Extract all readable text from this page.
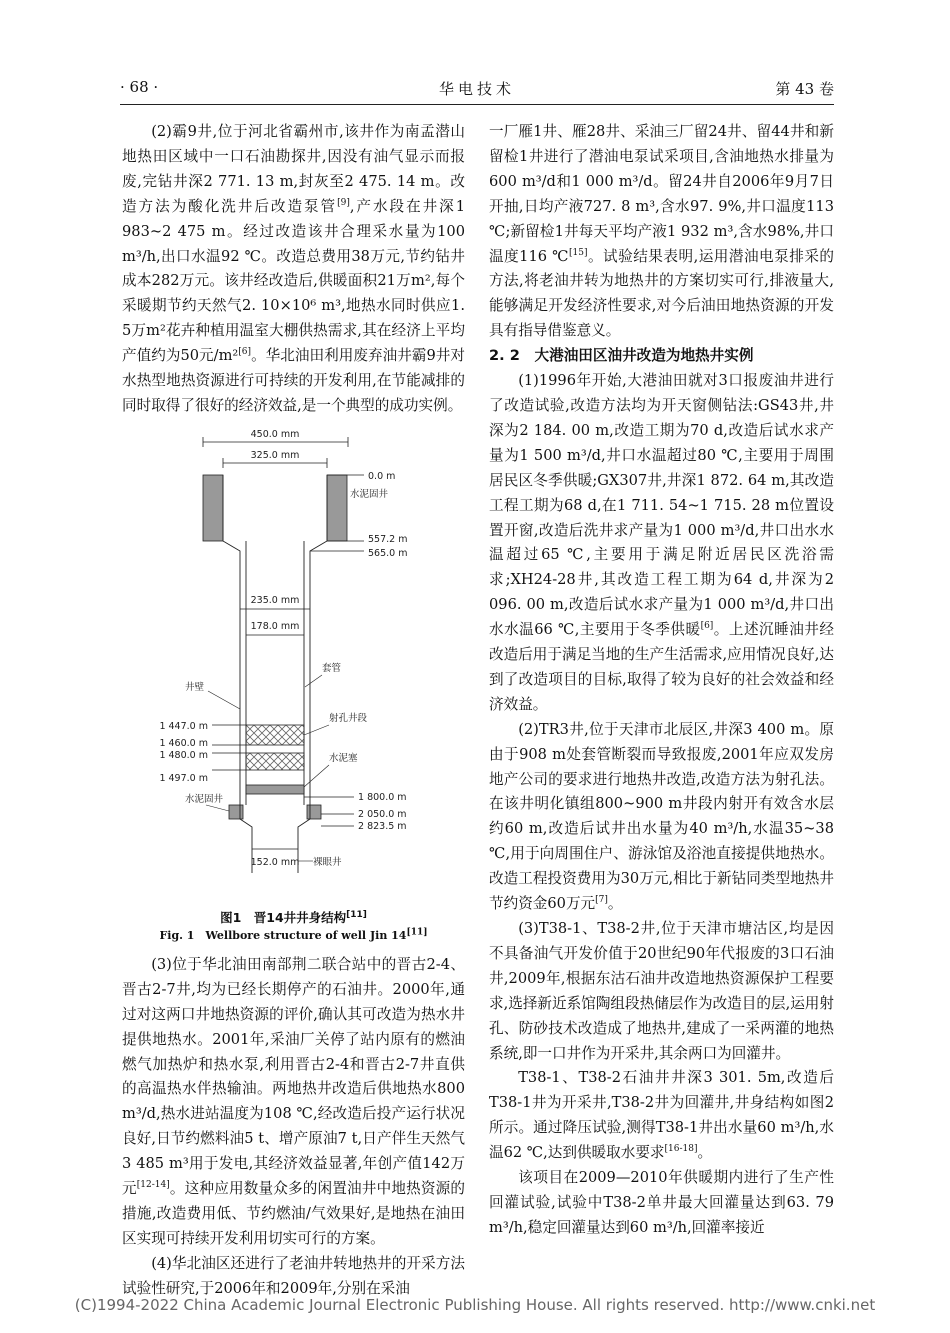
· 68 ·	华电技术	第 43 卷

(2)霸9井,位于河北省霸州市,该井作为南孟潜山地热田区域中一口石油勘探井,因没有油气显示而报废,完钻井深2 771. 13 m,封灰至2 475. 14 m。改造方法为酸化洗井后改造泵管[9],产水段在井深1 983~2 475 m。经过改造该井合理采水量为100 m³/h,出口水温92 ℃。改造总费用38万元,节约钻井成本282万元。该井经改造后,供暖面积21万m²,每个采暖期节约天然气2. 10×10⁶ m³,地热水同时供应1. 5万m²花卉种植用温室大棚供热需求,其在经济上平均产值约为50元/m²[6]。华北油田利用废弃油井霸9井对水热型地热资源进行可持续的开发利用,在节能减排的同时取得了很好的经济效益,是一个典型的成功实例。

450.0 mm
325.0 mm
235.0 mm
178.0 mm
0.0 m
水泥固井
557.2 m
565.0 m
1 800.0 m
2 050.0 m
2 823.5 m
套管
射孔井段
水泥塞
裸眼井
井壁
1 447.0 m
1 460.0 m
1 480.0 m
1 497.0 m
水泥固井
152.0 mm
图1　晋14井井身结构[11]
Fig. 1　Wellbore structure of well Jin 14[11]

(3)位于华北油田南部荆二联合站中的晋古2-4、晋古2-7井,均为已经长期停产的石油井。2000年,通过对这两口井地热资源的评价,确认其可改造为热水井提供地热水。2001年,采油厂关停了站内原有的燃油燃气加热炉和热水泵,利用晋古2-4和晋古2-7井直供的高温热水伴热输油。两地热井改造后供地热水800 m³/d,热水进站温度为108 ℃,经改造后投产运行状况良好,日节约燃料油5 t、增产原油7 t,日产伴生天然气3 485 m³用于发电,其经济效益显著,年创产值142万元[12-14]。这种应用数量众多的闲置油井中地热资源的措施,改造费用低、节约燃油/气效果好,是地热在油田区实现可持续开发利用切实可行的方案。

(4)华北油区还进行了老油井转地热井的开采方法试验性研究,于2006年和2009年,分别在采油

一厂雁1井、雁28井、采油三厂留24井、留44井和新留检1井进行了潜油电泵试采项目,含油地热水排量为600 m³/d和1 000 m³/d。留24井自2006年9月7日开抽,日均产液727. 8 m³,含水97. 9%,井口温度113 ℃;新留检1井每天平均产液1 932 m³,含水98%,井口温度116 ℃[15]。试验结果表明,运用潜油电泵排采的方法,将老油井转为地热井的方案切实可行,排液量大,能够满足开发经济性要求,对今后油田地热资源的开发具有指导借鉴意义。

2. 2　大港油田区油井改造为地热井实例

(1)1996年开始,大港油田就对3口报废油井进行了改造试验,改造方法均为开天窗侧钻法:GS43井,井深为2 184. 00 m,改造工期为70 d,改造后试水求产量为1 500 m³/d,井口水温超过80 ℃,主要用于周围居民区冬季供暖;GX307井,井深1 872. 64 m,其改造工程工期为68 d,在1 711. 54~1 715. 28 m位置设置开窗,改造后洗井求产量为1 000 m³/d,井口出水水温超过65 ℃,主要用于满足附近居民区洗浴需求;XH24-28井,其改造工程工期为64 d,井深为2 096. 00 m,改造后试水求产量为1 000 m³/d,井口出水水温66 ℃,主要用于冬季供暖[6]。上述沉睡油井经改造后用于满足当地的生产生活需求,应用情况良好,达到了改造项目的目标,取得了较为良好的社会效益和经济效益。

(2)TR3井,位于天津市北辰区,井深3 400 m。原由于908 m处套管断裂而导致报废,2001年应双发房地产公司的要求进行地热井改造,改造方法为射孔法。在该井明化镇组800~900 m井段内射开有效含水层约60 m,改造后试井出水量为40 m³/h,水温35~38 ℃,用于向周围住户、游泳馆及浴池直接提供地热水。改造工程投资费用为30万元,相比于新钻同类型地热井节约资金60万元[7]。

(3)T38-1、T38-2井,位于天津市塘沽区,均是因不具备油气开发价值于20世纪90年代报废的3口石油井,2009年,根据东沽石油井改造地热资源保护工程要求,选择新近系馆陶组段热储层作为改造目的层,运用射孔、防砂技术改造成了地热井,建成了一采两灌的地热系统,即一口井作为开采井,其余两口为回灌井。

T38-1、T38-2石油井井深3 301. 5m,改造后T38-1井为开采井,T38-2井为回灌井,井身结构如图2所示。通过降压试验,测得T38-1井出水量60 m³/h,水温62 ℃,达到供暖取水要求[16-18]。

该项目在2009—2010年供暖期内进行了生产性回灌试验,试验中T38-2单井最大回灌量达到63. 79 m³/h,稳定回灌量达到60 m³/h,回灌率接近

(C)1994-2022 China Academic Journal Electronic Publishing House. All rights reserved. http://www.cnki.net
